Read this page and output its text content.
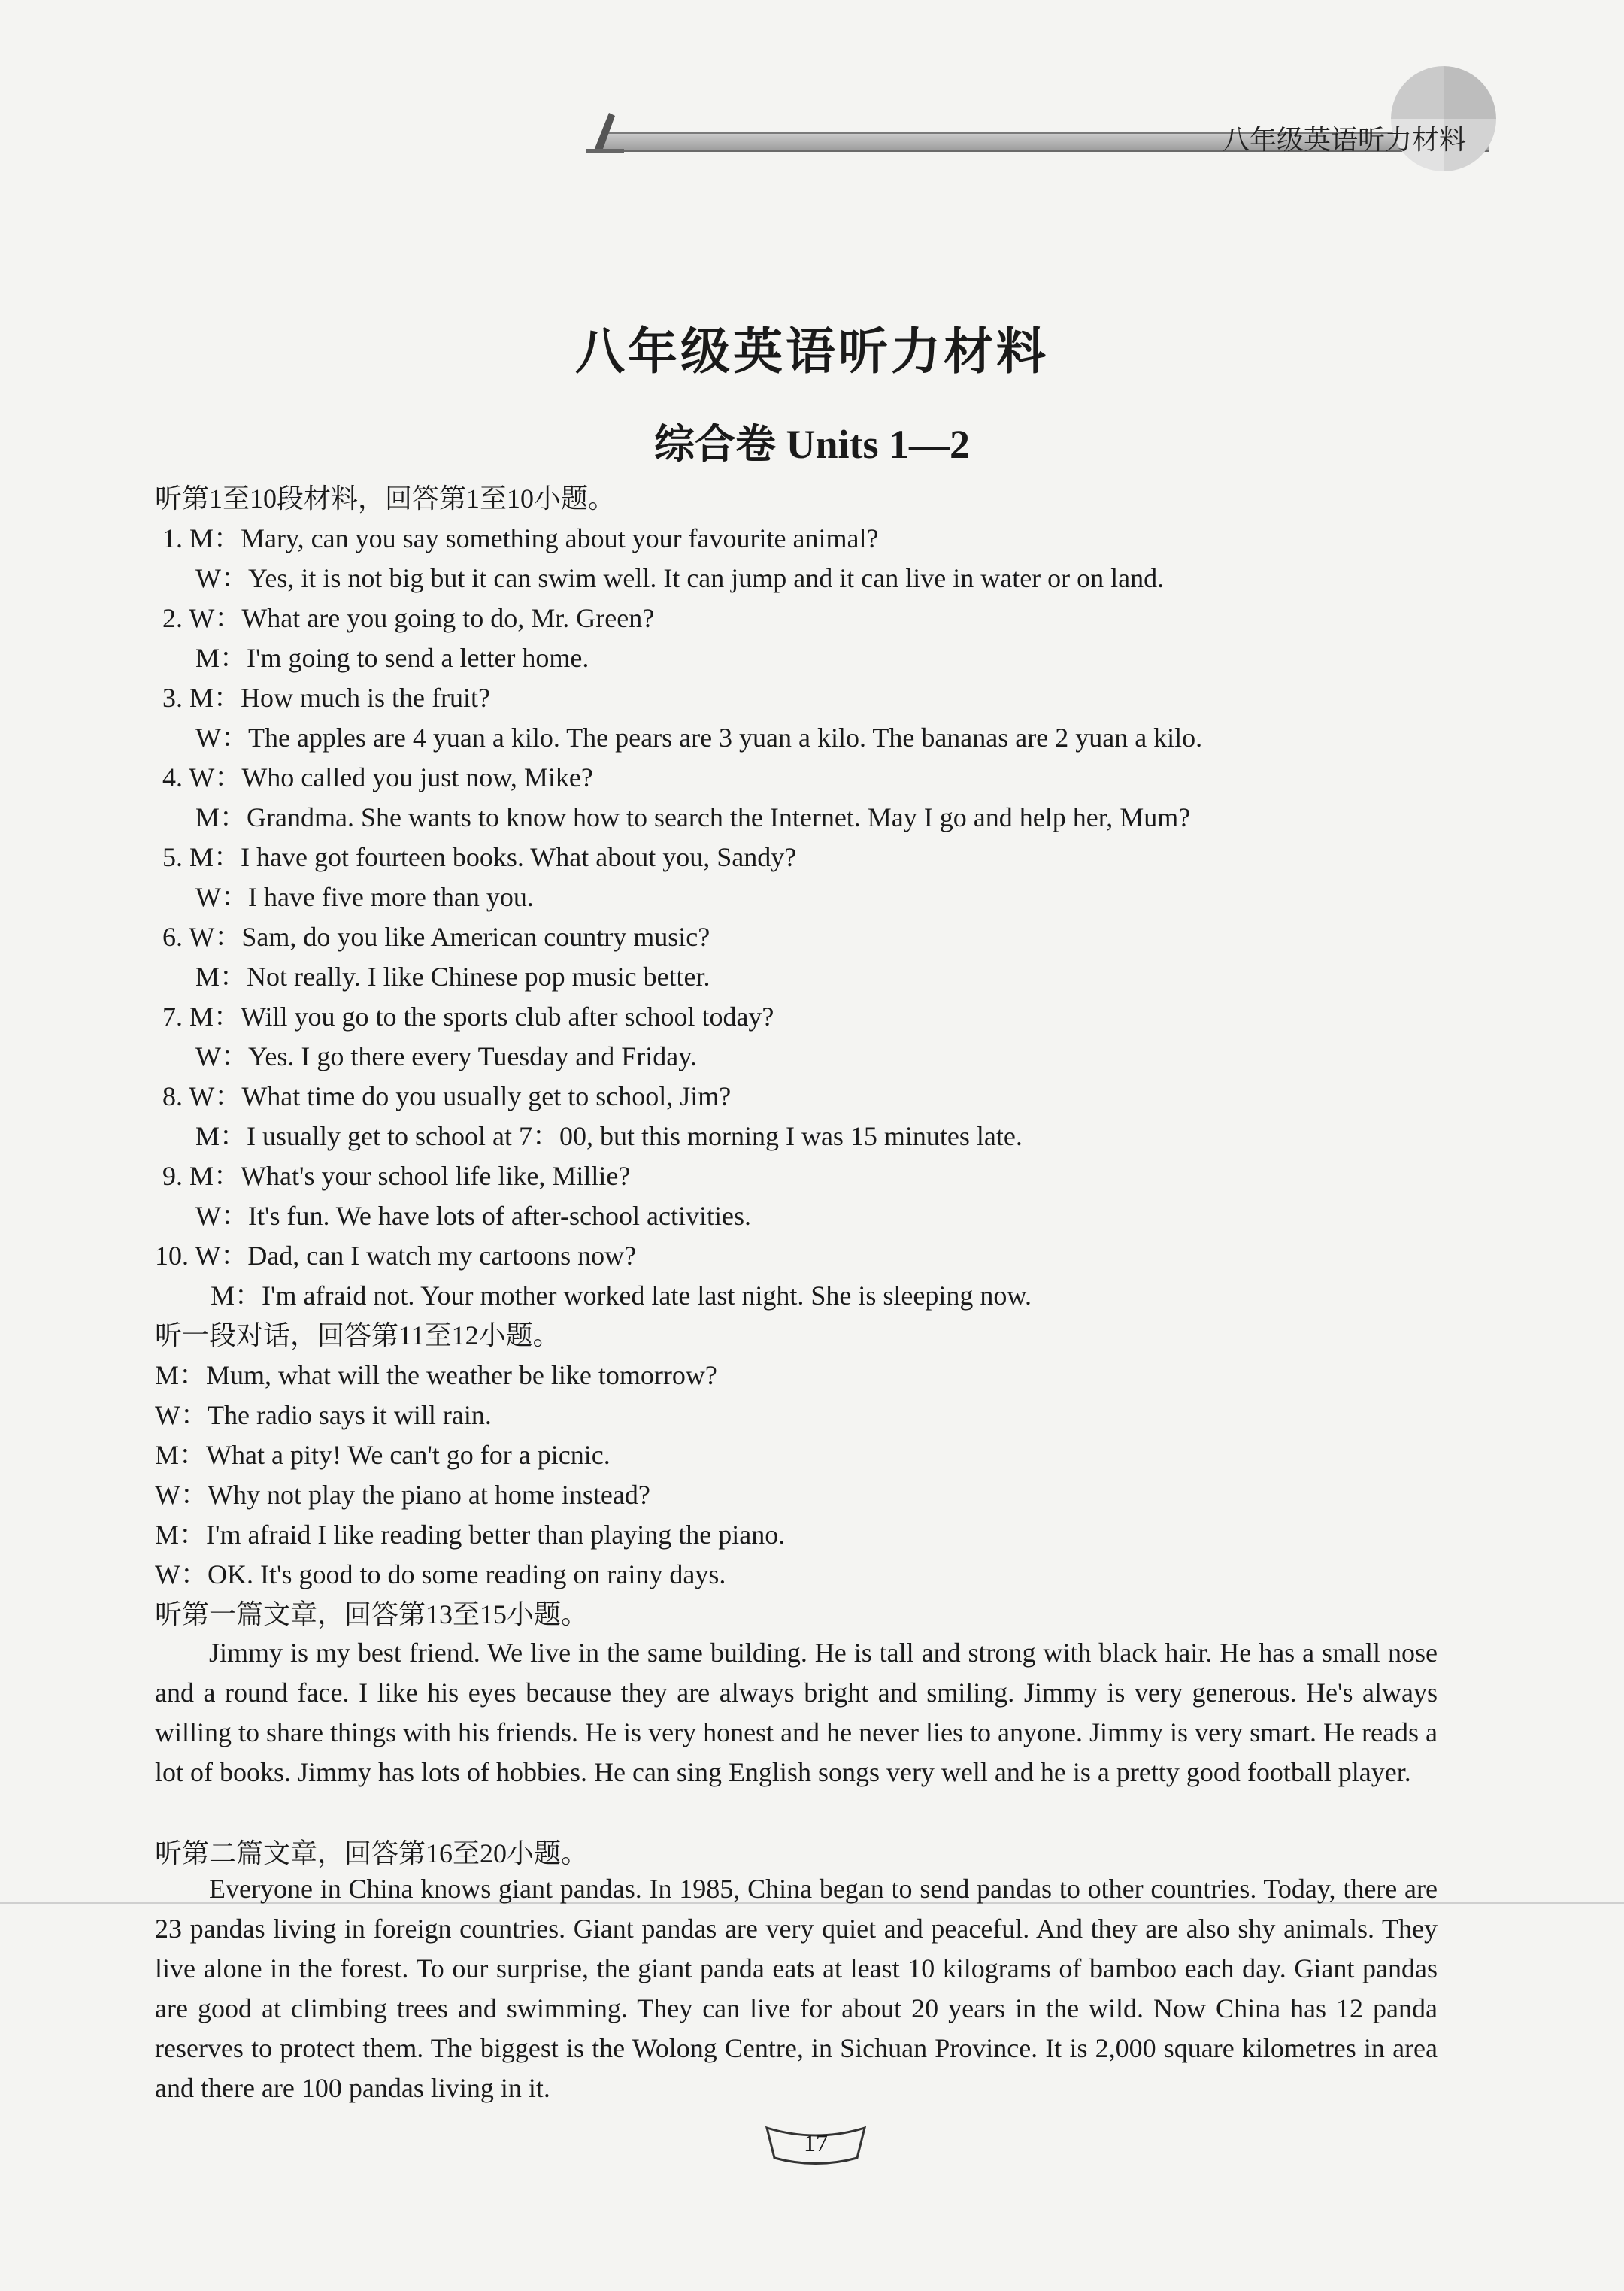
八年级英语听力材料
八年级英语听力材料
综合卷 Units 1—2
听第1至10段材料，回答第1至10小题。
1. M：Mary, can you say something about your favourite animal?
W：Yes, it is not big but it can swim well. It can jump and it can live in water or on land.
2. W：What are you going to do, Mr. Green?
M：I'm going to send a letter home.
3. M：How much is the fruit?
W：The apples are 4 yuan a kilo. The pears are 3 yuan a kilo. The bananas are 2 yuan a kilo.
4. W：Who called you just now, Mike?
M：Grandma. She wants to know how to search the Internet. May I go and help her, Mum?
5. M：I have got fourteen books. What about you, Sandy?
W：I have five more than you.
6. W：Sam, do you like American country music?
M：Not really. I like Chinese pop music better.
7. M：Will you go to the sports club after school today?
W：Yes. I go there every Tuesday and Friday.
8. W：What time do you usually get to school, Jim?
M：I usually get to school at 7：00, but this morning I was 15 minutes late.
9. M：What's your school life like, Millie?
W：It's fun. We have lots of after-school activities.
10. W：Dad, can I watch my cartoons now?
M：I'm afraid not. Your mother worked late last night. She is sleeping now.
听一段对话，回答第11至12小题。
M：Mum, what will the weather be like tomorrow?
W：The radio says it will rain.
M：What a pity! We can't go for a picnic.
W：Why not play the piano at home instead?
M：I'm afraid I like reading better than playing the piano.
W：OK. It's good to do some reading on rainy days.
听第一篇文章，回答第13至15小题。
Jimmy is my best friend. We live in the same building. He is tall and strong with black hair. He has a small nose and a round face. I like his eyes because they are always bright and smiling. Jimmy is very generous. He's always willing to share things with his friends. He is very honest and he never lies to anyone. Jimmy is very smart. He reads a lot of books. Jimmy has lots of hobbies. He can sing English songs very well and he is a pretty good football player.
听第二篇文章，回答第16至20小题。
Everyone in China knows giant pandas. In 1985, China began to send pandas to other countries. Today, there are 23 pandas living in foreign countries. Giant pandas are very quiet and peaceful. And they are also shy animals. They live alone in the forest. To our surprise, the giant panda eats at least 10 kilograms of bamboo each day. Giant pandas are good at climbing trees and swimming. They can live for about 20 years in the wild. Now China has 12 panda reserves to protect them. The biggest is the Wolong Centre, in Sichuan Province. It is 2,000 square kilometres in area and there are 100 pandas living in it.
17
